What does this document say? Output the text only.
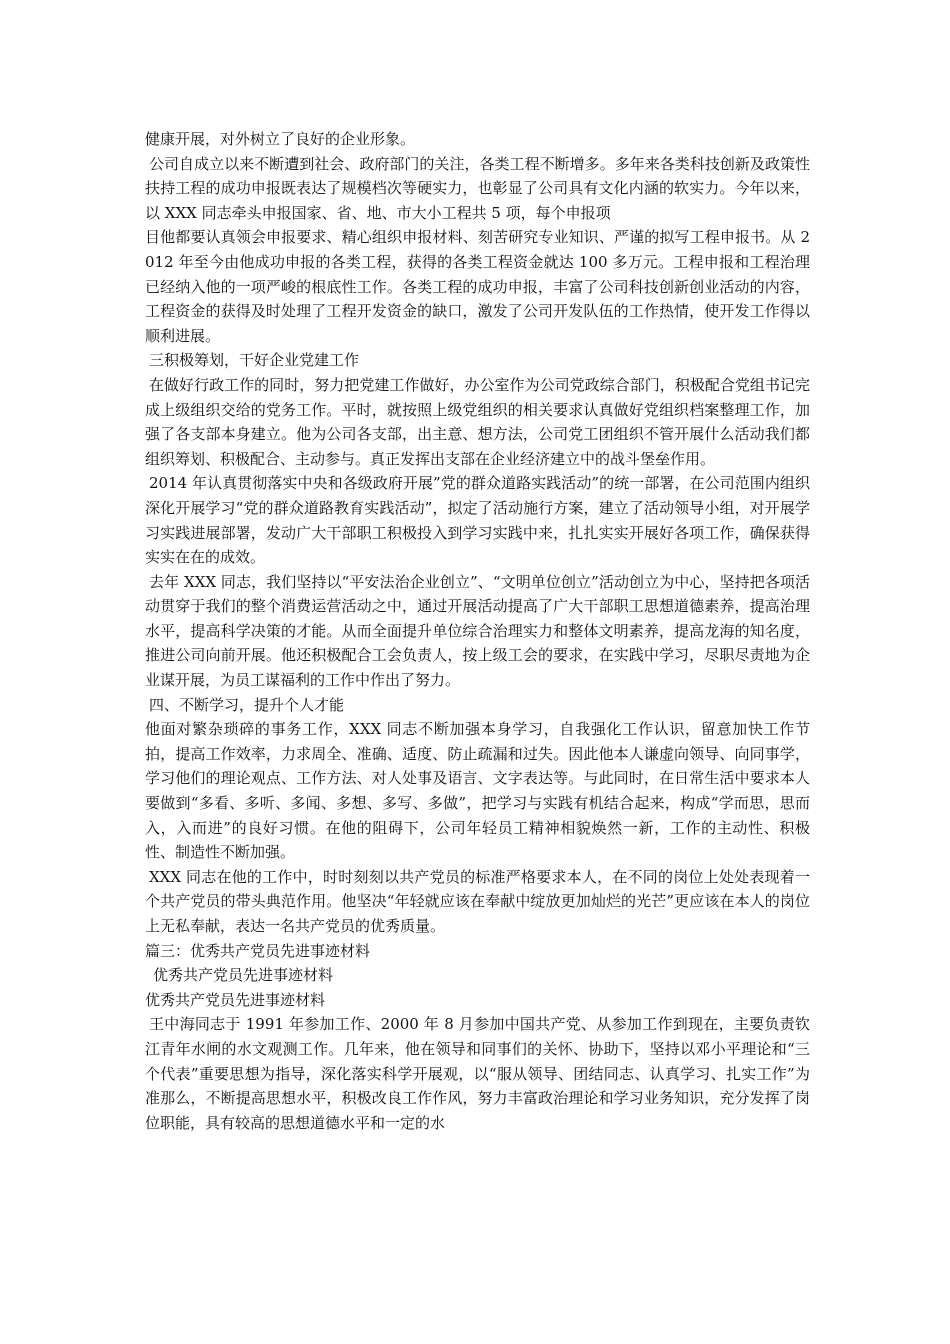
健康开展，对外树立了良好的企业形象。

公司自成立以来不断遭到社会、政府部门的关注，各类工程不断增多。多年来各类科技创新及政策性扶持工程的成功申报既表达了规模档次等硬实力，也彰显了公司具有文化内涵的软实力。今年以来，以 XXX 同志牵头申报国家、省、地、市大小工程共 5 项，每个申报项

目他都要认真领会申报要求、精心组织申报材料、刻苦研究专业知识、严谨的拟写工程申报书。从 2012 年至今由他成功申报的各类工程，获得的各类工程资金就达 100 多万元。工程申报和工程治理已经纳入他的一项严峻的根底性工作。各类工程的成功申报，丰富了公司科技创新创业活动的内容，工程资金的获得及时处理了工程开发资金的缺口，激发了公司开发队伍的工作热情，使开发工作得以顺利进展。

三积极筹划，干好企业党建工作

在做好行政工作的同时，努力把党建工作做好，办公室作为公司党政综合部门，积极配合党组书记完成上级组织交给的党务工作。平时，就按照上级党组织的相关要求认真做好党组织档案整理工作，加强了各支部本身建立。他为公司各支部，出主意、想方法，公司党工团组织不管开展什么活动我们都组织筹划、积极配合、主动参与。真正发挥出支部在企业经济建立中的战斗堡垒作用。

2014 年认真贯彻落实中央和各级政府开展”党的群众道路实践活动”的统一部署，在公司范围内组织深化开展学习“党的群众道路教育实践活动”，拟定了活动施行方案，建立了活动领导小组，对开展学习实践进展部署，发动广大干部职工积极投入到学习实践中来，扎扎实实开展好各项工作，确保获得实实在在的成效。

去年 XXX 同志，我们坚持以“平安法治企业创立”、“文明单位创立”活动创立为中心，坚持把各项活动贯穿于我们的整个消费运营活动之中，通过开展活动提高了广大干部职工思想道德素养，提高治理水平，提高科学决策的才能。从而全面提升单位综合治理实力和整体文明素养，提高龙海的知名度，推进公司向前开展。他还积极配合工会负责人，按上级工会的要求，在实践中学习，尽职尽责地为企业谋开展，为员工谋福利的工作中作出了努力。

四、不断学习，提升个人才能

他面对繁杂琐碎的事务工作，XXX 同志不断加强本身学习，自我强化工作认识，留意加快工作节拍，提高工作效率，力求周全、准确、适度、防止疏漏和过失。因此他本人谦虚向领导、向同事学，学习他们的理论观点、工作方法、对人处事及语言、文字表达等。与此同时，在日常生活中要求本人要做到“多看、多听、多闻、多想、多写、多做”，把学习与实践有机结合起来，构成“学而思，思而入，入而进”的良好习惯。在他的阻碍下，公司年轻员工精神相貌焕然一新，工作的主动性、积极性、制造性不断加强。

XXX 同志在他的工作中，时时刻刻以共产党员的标准严格要求本人，在不同的岗位上处处表现着一个共产党员的带头典范作用。他坚决“年轻就应该在奉献中绽放更加灿烂的光芒”更应该在本人的岗位上无私奉献，表达一名共产党员的优秀质量。

篇三：优秀共产党员先进事迹材料

优秀共产党员先进事迹材料

优秀共产党员先进事迹材料

王中海同志于 1991 年参加工作、2000 年 8 月参加中国共产党、从参加工作到现在，主要负责钦江青年水闸的水文观测工作。几年来，他在领导和同事们的关怀、协助下，坚持以邓小平理论和“三个代表”重要思想为指导，深化落实科学开展观，以“服从领导、团结同志、认真学习、扎实工作”为准那么，不断提高思想水平，积极改良工作作风，努力丰富政治理论和学习业务知识，充分发挥了岗位职能，具有较高的思想道德水平和一定的水
